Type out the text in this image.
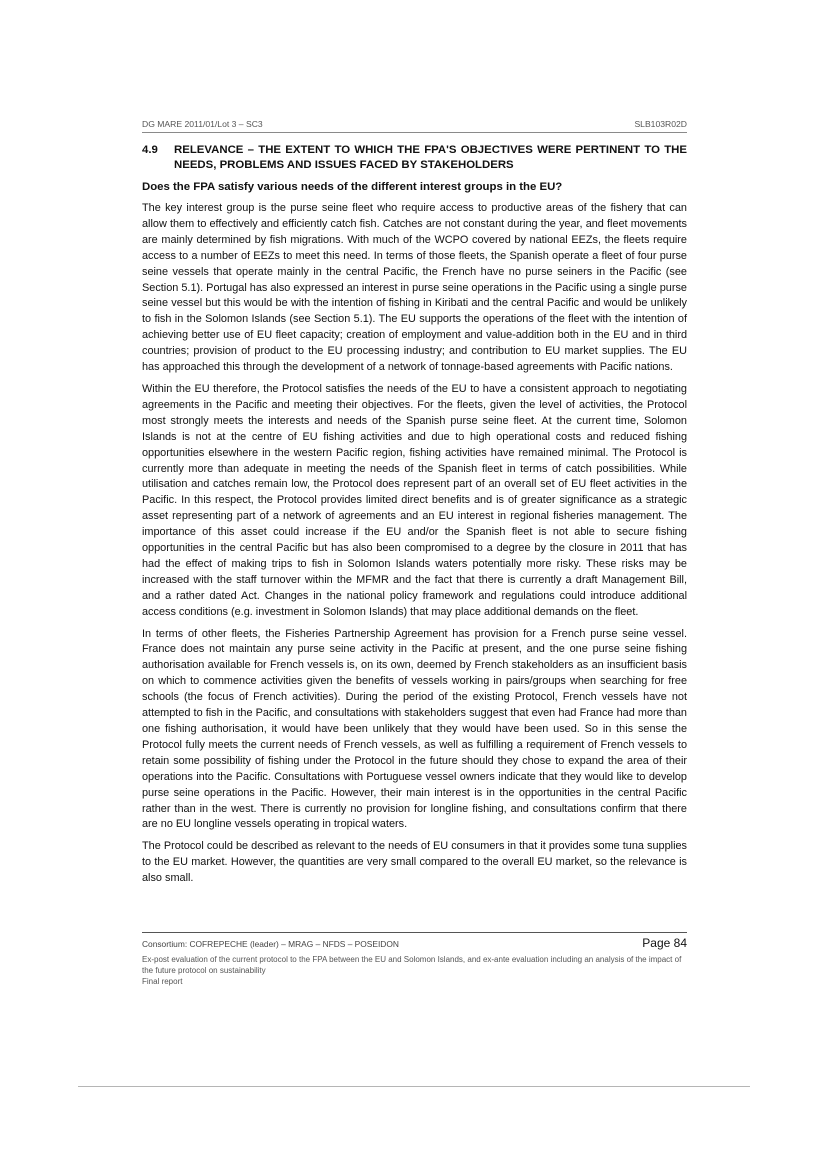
DG MARE 2011/01/Lot 3 – SC3	SLB103R02D
4.9 RELEVANCE – THE EXTENT TO WHICH THE FPA'S OBJECTIVES WERE PERTINENT TO THE NEEDS, PROBLEMS AND ISSUES FACED BY STAKEHOLDERS

Does the FPA satisfy various needs of the different interest groups in the EU?

The key interest group is the purse seine fleet who require access to productive areas of the fishery that can allow them to effectively and efficiently catch fish. Catches are not constant during the year, and fleet movements are mainly determined by fish migrations. With much of the WCPO covered by national EEZs, the fleets require access to a number of EEZs to meet this need. In terms of those fleets, the Spanish operate a fleet of four purse seine vessels that operate mainly in the central Pacific, the French have no purse seiners in the Pacific (see Section 5.1). Portugal has also expressed an interest in purse seine operations in the Pacific using a single purse seine vessel but this would be with the intention of fishing in Kiribati and the central Pacific and would be unlikely to fish in the Solomon Islands (see Section 5.1). The EU supports the operations of the fleet with the intention of achieving better use of EU fleet capacity; creation of employment and value-addition both in the EU and in third countries; provision of product to the EU processing industry; and contribution to EU market supplies. The EU has approached this through the development of a network of tonnage-based agreements with Pacific nations.

Within the EU therefore, the Protocol satisfies the needs of the EU to have a consistent approach to negotiating agreements in the Pacific and meeting their objectives. For the fleets, given the level of activities, the Protocol most strongly meets the interests and needs of the Spanish purse seine fleet. At the current time, Solomon Islands is not at the centre of EU fishing activities and due to high operational costs and reduced fishing opportunities elsewhere in the western Pacific region, fishing activities have remained minimal. The Protocol is currently more than adequate in meeting the needs of the Spanish fleet in terms of catch possibilities. While utilisation and catches remain low, the Protocol does represent part of an overall set of EU fleet activities in the Pacific. In this respect, the Protocol provides limited direct benefits and is of greater significance as a strategic asset representing part of a network of agreements and an EU interest in regional fisheries management. The importance of this asset could increase if the EU and/or the Spanish fleet is not able to secure fishing opportunities in the central Pacific but has also been compromised to a degree by the closure in 2011 that has had the effect of making trips to fish in Solomon Islands waters potentially more risky. These risks may be increased with the staff turnover within the MFMR and the fact that there is currently a draft Management Bill, and a rather dated Act. Changes in the national policy framework and regulations could introduce additional access conditions (e.g. investment in Solomon Islands) that may place additional demands on the fleet.

In terms of other fleets, the Fisheries Partnership Agreement has provision for a French purse seine vessel. France does not maintain any purse seine activity in the Pacific at present, and the one purse seine fishing authorisation available for French vessels is, on its own, deemed by French stakeholders as an insufficient basis on which to commence activities given the benefits of vessels working in pairs/groups when searching for free schools (the focus of French activities). During the period of the existing Protocol, French vessels have not attempted to fish in the Pacific, and consultations with stakeholders suggest that even had France had more than one fishing authorisation, it would have been unlikely that they would have been used. So in this sense the Protocol fully meets the current needs of French vessels, as well as fulfilling a requirement of French vessels to retain some possibility of fishing under the Protocol in the future should they chose to expand the area of their operations into the Pacific. Consultations with Portuguese vessel owners indicate that they would like to develop purse seine operations in the Pacific. However, their main interest is in the opportunities in the central Pacific rather than in the west. There is currently no provision for longline fishing, and consultations confirm that there are no EU longline vessels operating in tropical waters.

The Protocol could be described as relevant to the needs of EU consumers in that it provides some tuna supplies to the EU market. However, the quantities are very small compared to the overall EU market, so the relevance is also small.

Consortium: COFREPECHE (leader) – MRAG – NFDS – POSEIDON	Page 84
Ex-post evaluation of the current protocol to the FPA between the EU and Solomon Islands, and ex-ante evaluation including an analysis of the impact of the future protocol on sustainability
Final report
